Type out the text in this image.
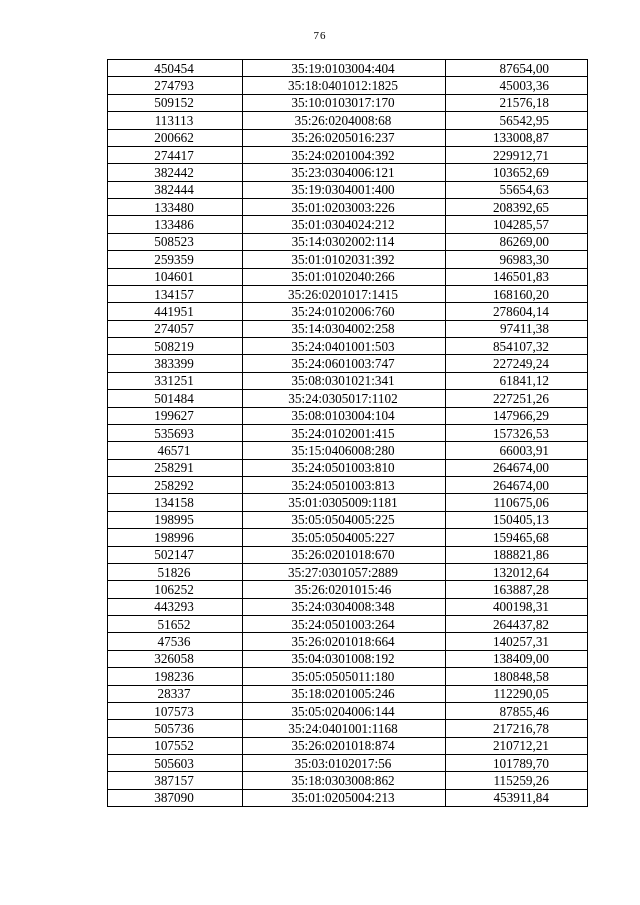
76
450454	35:19:0103004:404	87654,00
274793	35:18:0401012:1825	45003,36
509152	35:10:0103017:170	21576,18
113113	35:26:0204008:68	56542,95
200662	35:26:0205016:237	133008,87
274417	35:24:0201004:392	229912,71
382442	35:23:0304006:121	103652,69
382444	35:19:0304001:400	55654,63
133480	35:01:0203003:226	208392,65
133486	35:01:0304024:212	104285,57
508523	35:14:0302002:114	86269,00
259359	35:01:0102031:392	96983,30
104601	35:01:0102040:266	146501,83
134157	35:26:0201017:1415	168160,20
441951	35:24:0102006:760	278604,14
274057	35:14:0304002:258	97411,38
508219	35:24:0401001:503	854107,32
383399	35:24:0601003:747	227249,24
331251	35:08:0301021:341	61841,12
501484	35:24:0305017:1102	227251,26
199627	35:08:0103004:104	147966,29
535693	35:24:0102001:415	157326,53
46571	35:15:0406008:280	66003,91
258291	35:24:0501003:810	264674,00
258292	35:24:0501003:813	264674,00
134158	35:01:0305009:1181	110675,06
198995	35:05:0504005:225	150405,13
198996	35:05:0504005:227	159465,68
502147	35:26:0201018:670	188821,86
51826	35:27:0301057:2889	132012,64
106252	35:26:0201015:46	163887,28
443293	35:24:0304008:348	400198,31
51652	35:24:0501003:264	264437,82
47536	35:26:0201018:664	140257,31
326058	35:04:0301008:192	138409,00
198236	35:05:0505011:180	180848,58
28337	35:18:0201005:246	112290,05
107573	35:05:0204006:144	87855,46
505736	35:24:0401001:1168	217216,78
107552	35:26:0201018:874	210712,21
505603	35:03:0102017:56	101789,70
387157	35:18:0303008:862	115259,26
387090	35:01:0205004:213	453911,84
